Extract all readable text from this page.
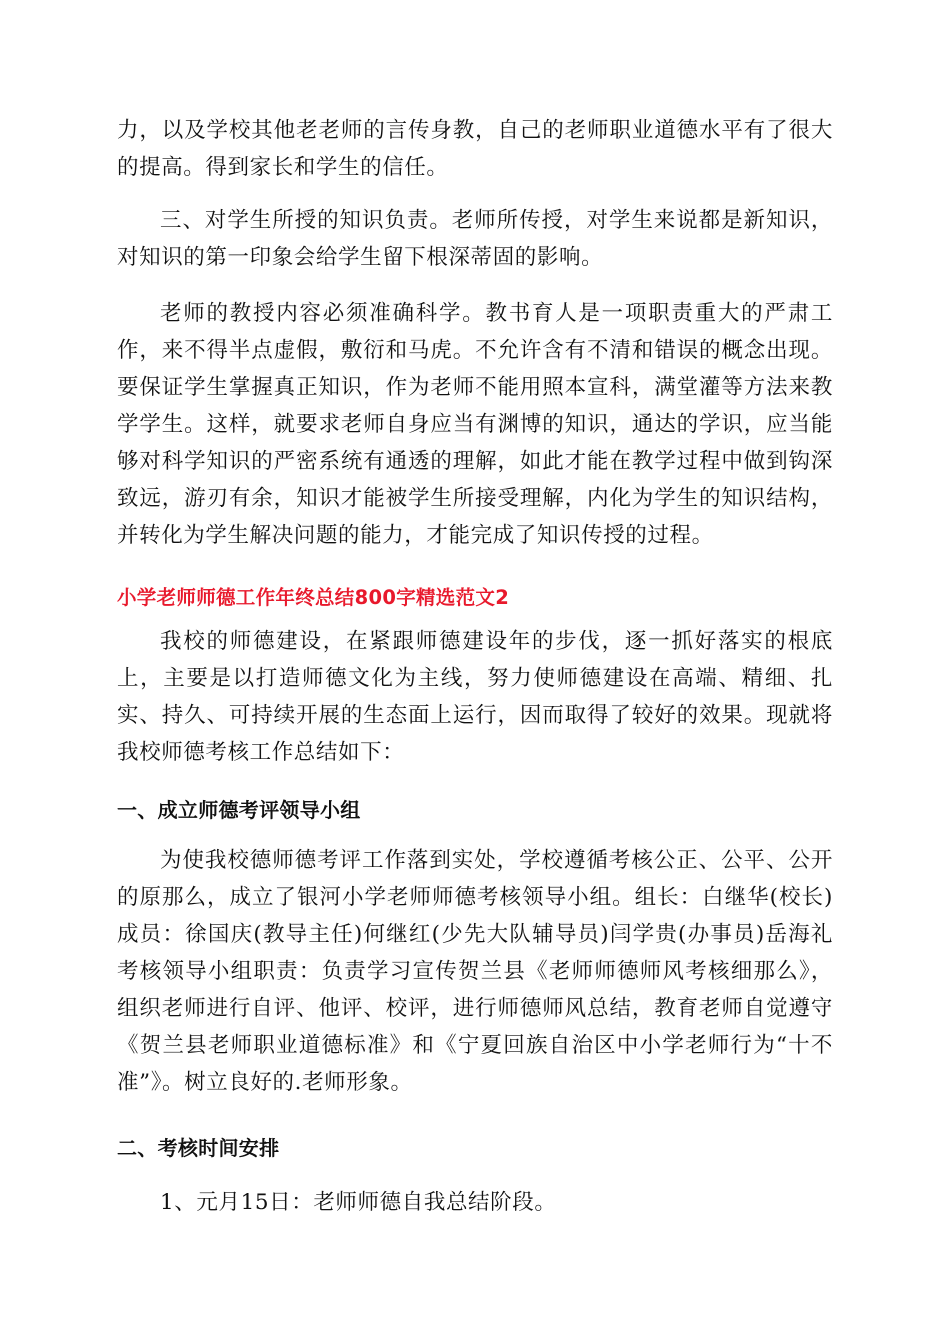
力，以及学校其他老老师的言传身教，自己的老师职业道德水平有了很大的提高。得到家长和学生的信任。

三、对学生所授的知识负责。老师所传授，对学生来说都是新知识，对知识的第一印象会给学生留下根深蒂固的影响。

老师的教授内容必须准确科学。教书育人是一项职责重大的严肃工作，来不得半点虚假，敷衍和马虎。不允许含有不清和错误的概念出现。要保证学生掌握真正知识，作为老师不能用照本宣科，满堂灌等方法来教学学生。这样，就要求老师自身应当有渊博的知识，通达的学识，应当能够对科学知识的严密系统有通透的理解，如此才能在教学过程中做到钩深致远，游刃有余，知识才能被学生所接受理解，内化为学生的知识结构，并转化为学生解决问题的能力，才能完成了知识传授的过程。

小学老师师德工作年终总结800字精选范文2

我校的师德建设，在紧跟师德建设年的步伐，逐一抓好落实的根底上，主要是以打造师德文化为主线，努力使师德建设在高端、精细、扎实、持久、可持续开展的生态面上运行，因而取得了较好的效果。现就将我校师德考核工作总结如下：

一、成立师德考评领导小组

为使我校德师德考评工作落到实处，学校遵循考核公正、公平、公开的原那么，成立了银河小学老师师德考核领导小组。组长：白继华(校长)成员：徐国庆(教导主任)何继红(少先大队辅导员)闫学贵(办事员)岳海礼考核领导小组职责：负责学习宣传贺兰县《老师师德师风考核细那么》，组织老师进行自评、他评、校评，进行师德师风总结，教育老师自觉遵守《贺兰县老师职业道德标准》和《宁夏回族自治区中小学老师行为“十不准”》。树立良好的.老师形象。

二、考核时间安排

1、元月15日：老师师德自我总结阶段。
